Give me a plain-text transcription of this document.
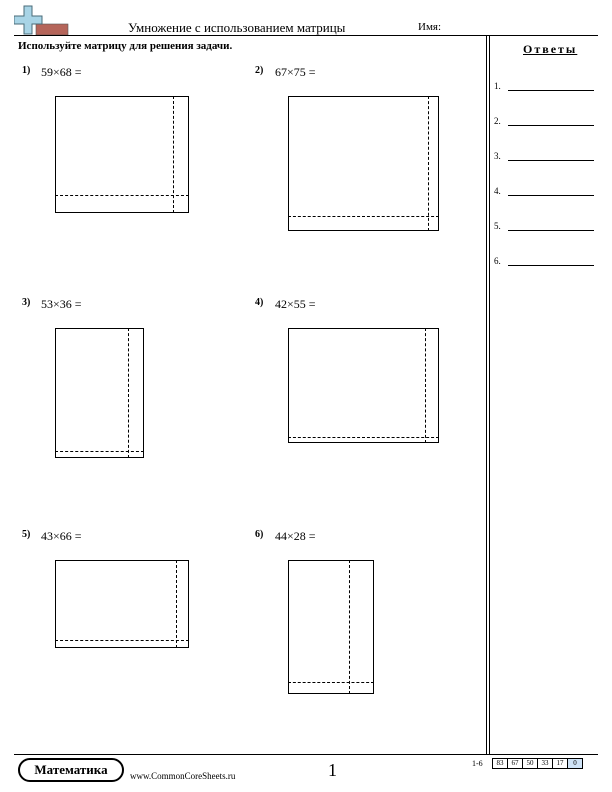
Умножение с использованием матрицы	Имя:
Используйте матрицу для решения задачи.	Ответы
1.
2.
3.
4.
5.
6.
1) 59×68 =	2) 67×75 =
3) 53×36 =	4) 42×55 =
5) 43×66 =	6) 44×28 =
Математика	www.CommonCoreSheets.ru	1	1-6	83	67	50	33	17	0
